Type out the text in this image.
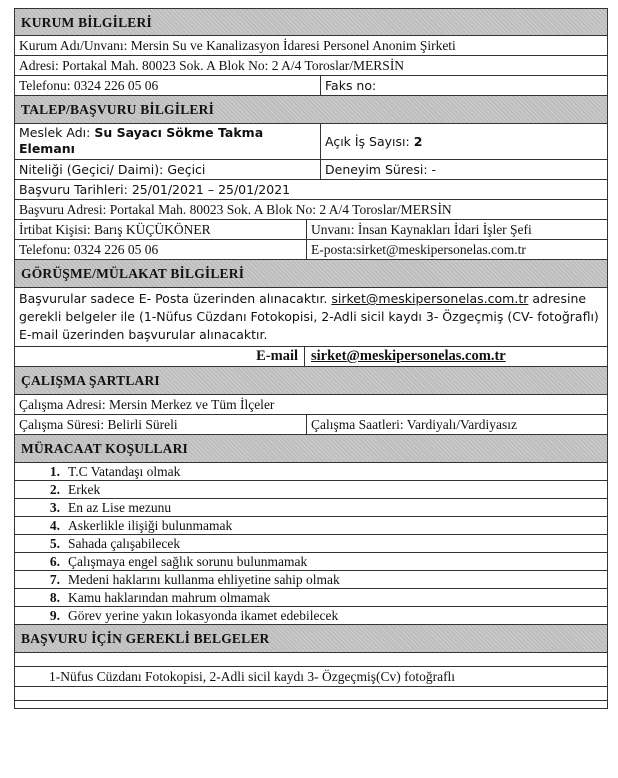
KURUM BİLGİLERİ
Kurum Adı/Unvanı: Mersin Su ve Kanalizasyon İdaresi Personel Anonim Şirketi
Adresi: Portakal Mah. 80023 Sok. A Blok No: 2 A/4 Toroslar/MERSİN
Telefonu: 0324 226 05 06	Faks no:
TALEP/BAŞVURU BİLGİLERİ
Meslek Adı: Su Sayacı Sökme Takma Elemanı	Açık İş Sayısı: 2
Niteliği (Geçici/ Daimi): Geçici	Deneyim Süresi: -
Başvuru Tarihleri: 25/01/2021 – 25/01/2021
Başvuru Adresi: Portakal Mah. 80023 Sok. A Blok No: 2 A/4 Toroslar/MERSİN
İrtibat Kişisi: Barış KÜÇÜKÖNER	Unvanı: İnsan Kaynakları İdari İşler Şefi
Telefonu: 0324 226 05 06	E-posta:sirket@meskipersonelas.com.tr
GÖRÜŞME/MÜLAKAT BİLGİLERİ
Başvurular sadece E- Posta üzerinden alınacaktır. sirket@meskipersonelas.com.tr adresine gerekli belgeler ile (1-Nüfus Cüzdanı Fotokopisi, 2-Adli sicil kaydı 3- Özgeçmiş (CV- fotoğraflı) E-mail üzerinden başvurular alınacaktır.
E-mail sirket@meskipersonelas.com.tr
ÇALIŞMA ŞARTLARI
Çalışma Adresi: Mersin Merkez ve Tüm İlçeler
Çalışma Süresi: Belirli Süreli	Çalışma Saatleri: Vardiyalı/Vardiyasız
MÜRACAAT KOŞULLARI
1. T.C Vatandaşı olmak
2. Erkek
3. En az Lise mezunu
4. Askerlikle ilişiği bulunmamak
5. Sahada çalışabilecek
6. Çalışmaya engel sağlık sorunu bulunmamak
7. Medeni haklarını kullanma ehliyetine sahip olmak
8. Kamu haklarından mahrum olmamak
9. Görev yerine yakın lokasyonda ikamet edebilecek
BAŞVURU İÇİN GEREKLİ BELGELER
1-Nüfus Cüzdanı Fotokopisi, 2-Adli sicil kaydı 3- Özgeçmiş(Cv) fotoğraflı
